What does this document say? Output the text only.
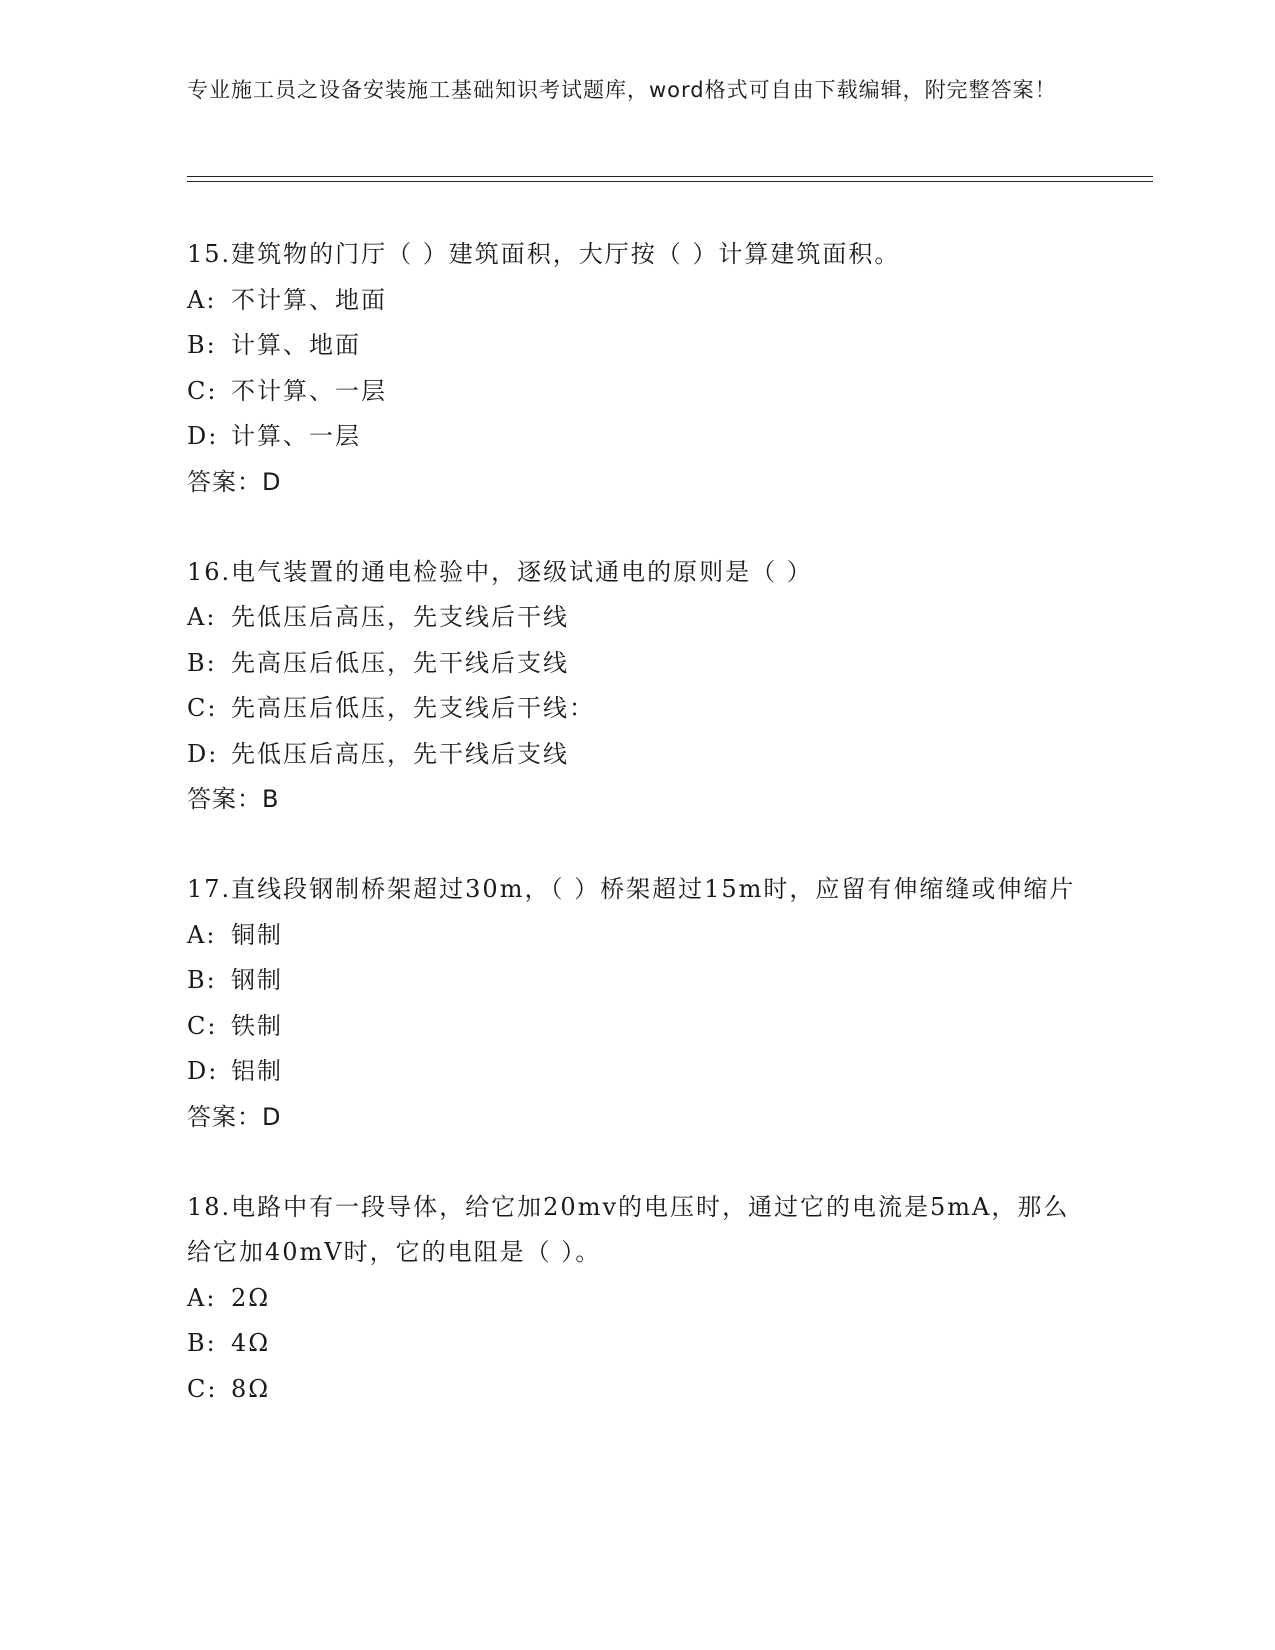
专业施工员之设备安装施工基础知识考试题库，word格式可自由下载编辑，附完整答案！

15.建筑物的门厅（ ）建筑面积，大厅按（ ）计算建筑面积。

A: 不计算、地面
B: 计算、地面
C: 不计算、一层
D: 计算、一层
答案：D

16.电气装置的通电检验中，逐级试通电的原则是（ ）

A: 先低压后高压，先支线后干线
B: 先高压后低压，先干线后支线
C: 先高压后低压，先支线后干线：
D: 先低压后高压，先干线后支线
答案：B

17.直线段钢制桥架超过30m，（ ）桥架超过15m时，应留有伸缩缝或伸缩片

A: 铜制
B: 钢制
C: 铁制
D: 铝制
答案：D

18.电路中有一段导体，给它加20mv的电压时，通过它的电流是5mA，那么给它加40mV时，它的电阻是（ ）。

A: 2Ω
B: 4Ω
C: 8Ω
